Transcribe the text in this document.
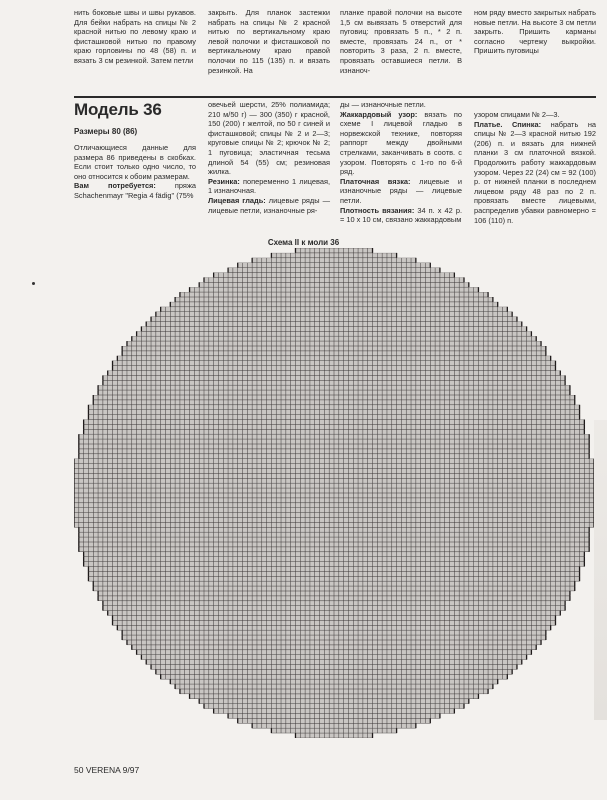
нить боковые швы и швы рукавов. Для бейки набрать на спицы № 2 красной нитью по левому краю и фисташковой нитью по правому краю горловины по 48 (58) п. и вязать 3 см резинкой. Затем петли
закрыть. Для планок застежки набрать на спицы № 2 красной нитью по вертикальному краю левой полочки и фисташковой по вертикальному краю правой полочки по 115 (135) п. и вязать резинкой. На
планке правой полочки на высоте 1,5 см вывязать 5 отверстий для пуговиц: провязать 5 п., * 2 п. вместе, провязать 24 п., от * повторить 3 раза, 2 п. вместе, провязать оставшиеся петли. В изнаноч-
ном ряду вместо закрытых набрать новые петли. На высоте 3 см петли закрыть. Пришить карманы согласно чертежу выкройки. Пришить пуговицы
Модель 36
Размеры 80 (86)
Отличающиеся данные для размера 86 приведены в скобках. Если стоит только одно число, то оно относится к обоим размерам.
Вам потребуется:	пряжа Schachenmayr "Regia 4 fädig" (75%
овечьей шерсти, 25% полиамида; 210 м/50 г) — 300 (350) г красной, 150 (200) г желтой, по 50 г синей и фисташковой; спицы № 2 и 2—3; круговые спицы № 2; крючок № 2; 1 пуговица; эластичная тесьма длиной 54 (55) см; резиновая жилка.
Резинка: попеременно 1 лицевая, 1 изнаночная.
Лицевая гладь: лицевые ряды — лицевые петли, изнаночные ря-
ды — изнаночные петли.
Жаккардовый узор: вязать по схеме I лицевой гладью в норвежской технике, повторяя раппорт между двойными стрелками, заканчивать в соотв. с узором. Повторять с 1-го по 6-й ряд.
Платочная вязка: лицевые и изнаночные ряды — лицевые петли.
Плотность вязания: 34 п. x 42 р. = 10 x 10 см, связано жаккардовым
узором спицами № 2—3.
Платье. Спинка: набрать на спицы № 2—3 красной нитью 192 (206) п. и вязать для нижней планки 3 см платочной вязкой. Продолжить работу жаккардовым узором. Через 22 (24) см = 92 (100) р. от нижней планки в последнем лицевом ряду 48 раз по 2 п. провязать вместе лицевыми, распределив убавки равномерно = 106 (110) п.
Схема II к моли 36
50 VERENA 9/97
